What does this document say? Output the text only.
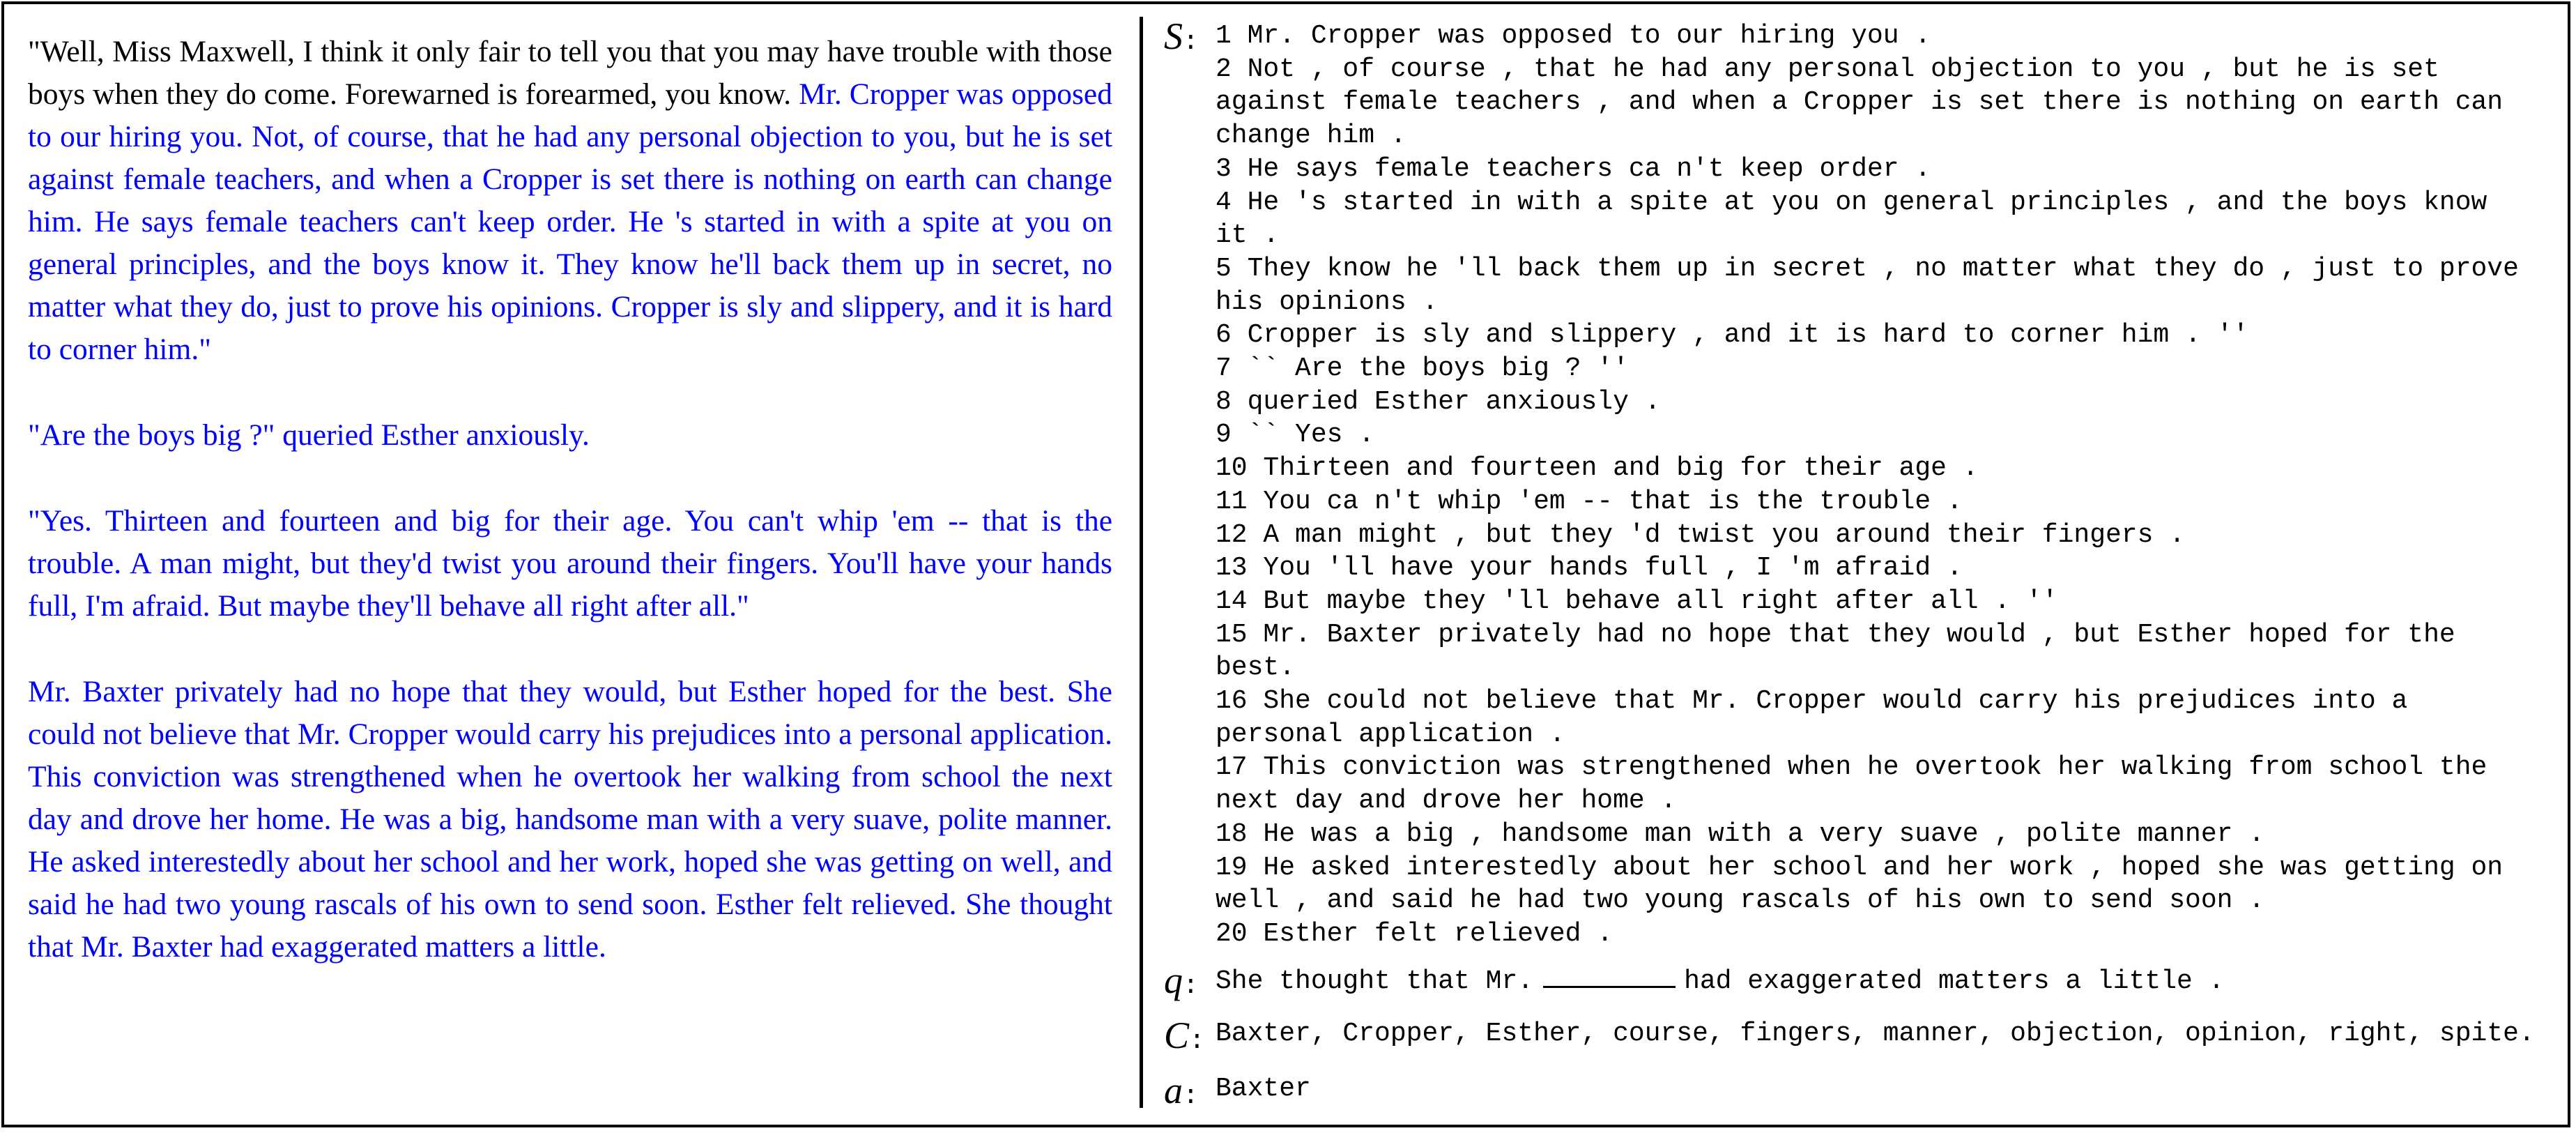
"Well, Miss Maxwell, I think it only fair to tell you that you may have trouble with those boys when they do come. Forewarned is forearmed, you know. Mr. Cropper was opposed to our hiring you. Not, of course, that he had any personal objection to you, but he is set against female teachers, and when a Cropper is set there is nothing on earth can change him. He says female teachers can't keep order. He 's started in with a spite at you on general principles, and the boys know it. They know he'll back them up in secret, no matter what they do, just to prove his opinions. Cropper is sly and slippery, and it is hard to corner him."

"Are the boys big ?" queried Esther anxiously.

"Yes. Thirteen and fourteen and big for their age. You can't whip 'em -- that is the trouble. A man might, but they'd twist you around their fingers. You'll have your hands full, I'm afraid. But maybe they'll behave all right after all."

Mr. Baxter privately had no hope that they would, but Esther hoped for the best. She could not believe that Mr. Cropper would carry his prejudices into a personal application. This conviction was strengthened when he overtook her walking from school the next day and drove her home. He was a big, handsome man with a very suave, polite manner. He asked interestedly about her school and her work, hoped she was getting on well, and said he had two young rascals of his own to send soon. Esther felt relieved. She thought that Mr. Baxter had exaggerated matters a little.

S: 1 Mr. Cropper was opposed to our hiring you .
2 Not , of course , that he had any personal objection to you , but he is set
against female teachers , and when a Cropper is set there is nothing on earth can
change him .
3 He says female teachers ca n't keep order .
4 He 's started in with a spite at you on general principles , and the boys know
it .
5 They know he 'll back them up in secret , no matter what they do , just to prove
his opinions .
6 Cropper is sly and slippery , and it is hard to corner him . ''
7 `` Are the boys big ? ''
8 queried Esther anxiously .
9 `` Yes .
10 Thirteen and fourteen and big for their age .
11 You ca n't whip 'em -- that is the trouble .
12 A man might , but they 'd twist you around their fingers .
13 You 'll have your hands full , I 'm afraid .
14 But maybe they 'll behave all right after all . ''
15 Mr. Baxter privately had no hope that they would , but Esther hoped for the
best.
16 She could not believe that Mr. Cropper would carry his prejudices into a
personal application .
17 This conviction was strengthened when he overtook her walking from school the
next day and drove her home .
18 He was a big , handsome man with a very suave , polite manner .
19 He asked interestedly about her school and her work , hoped she was getting on
well , and said he had two young rascals of his own to send soon .
20 Esther felt relieved .
q: She thought that Mr.	had exaggerated matters a little .
C: Baxter, Cropper, Esther, course, fingers, manner, objection, opinion, right, spite.
a: Baxter
